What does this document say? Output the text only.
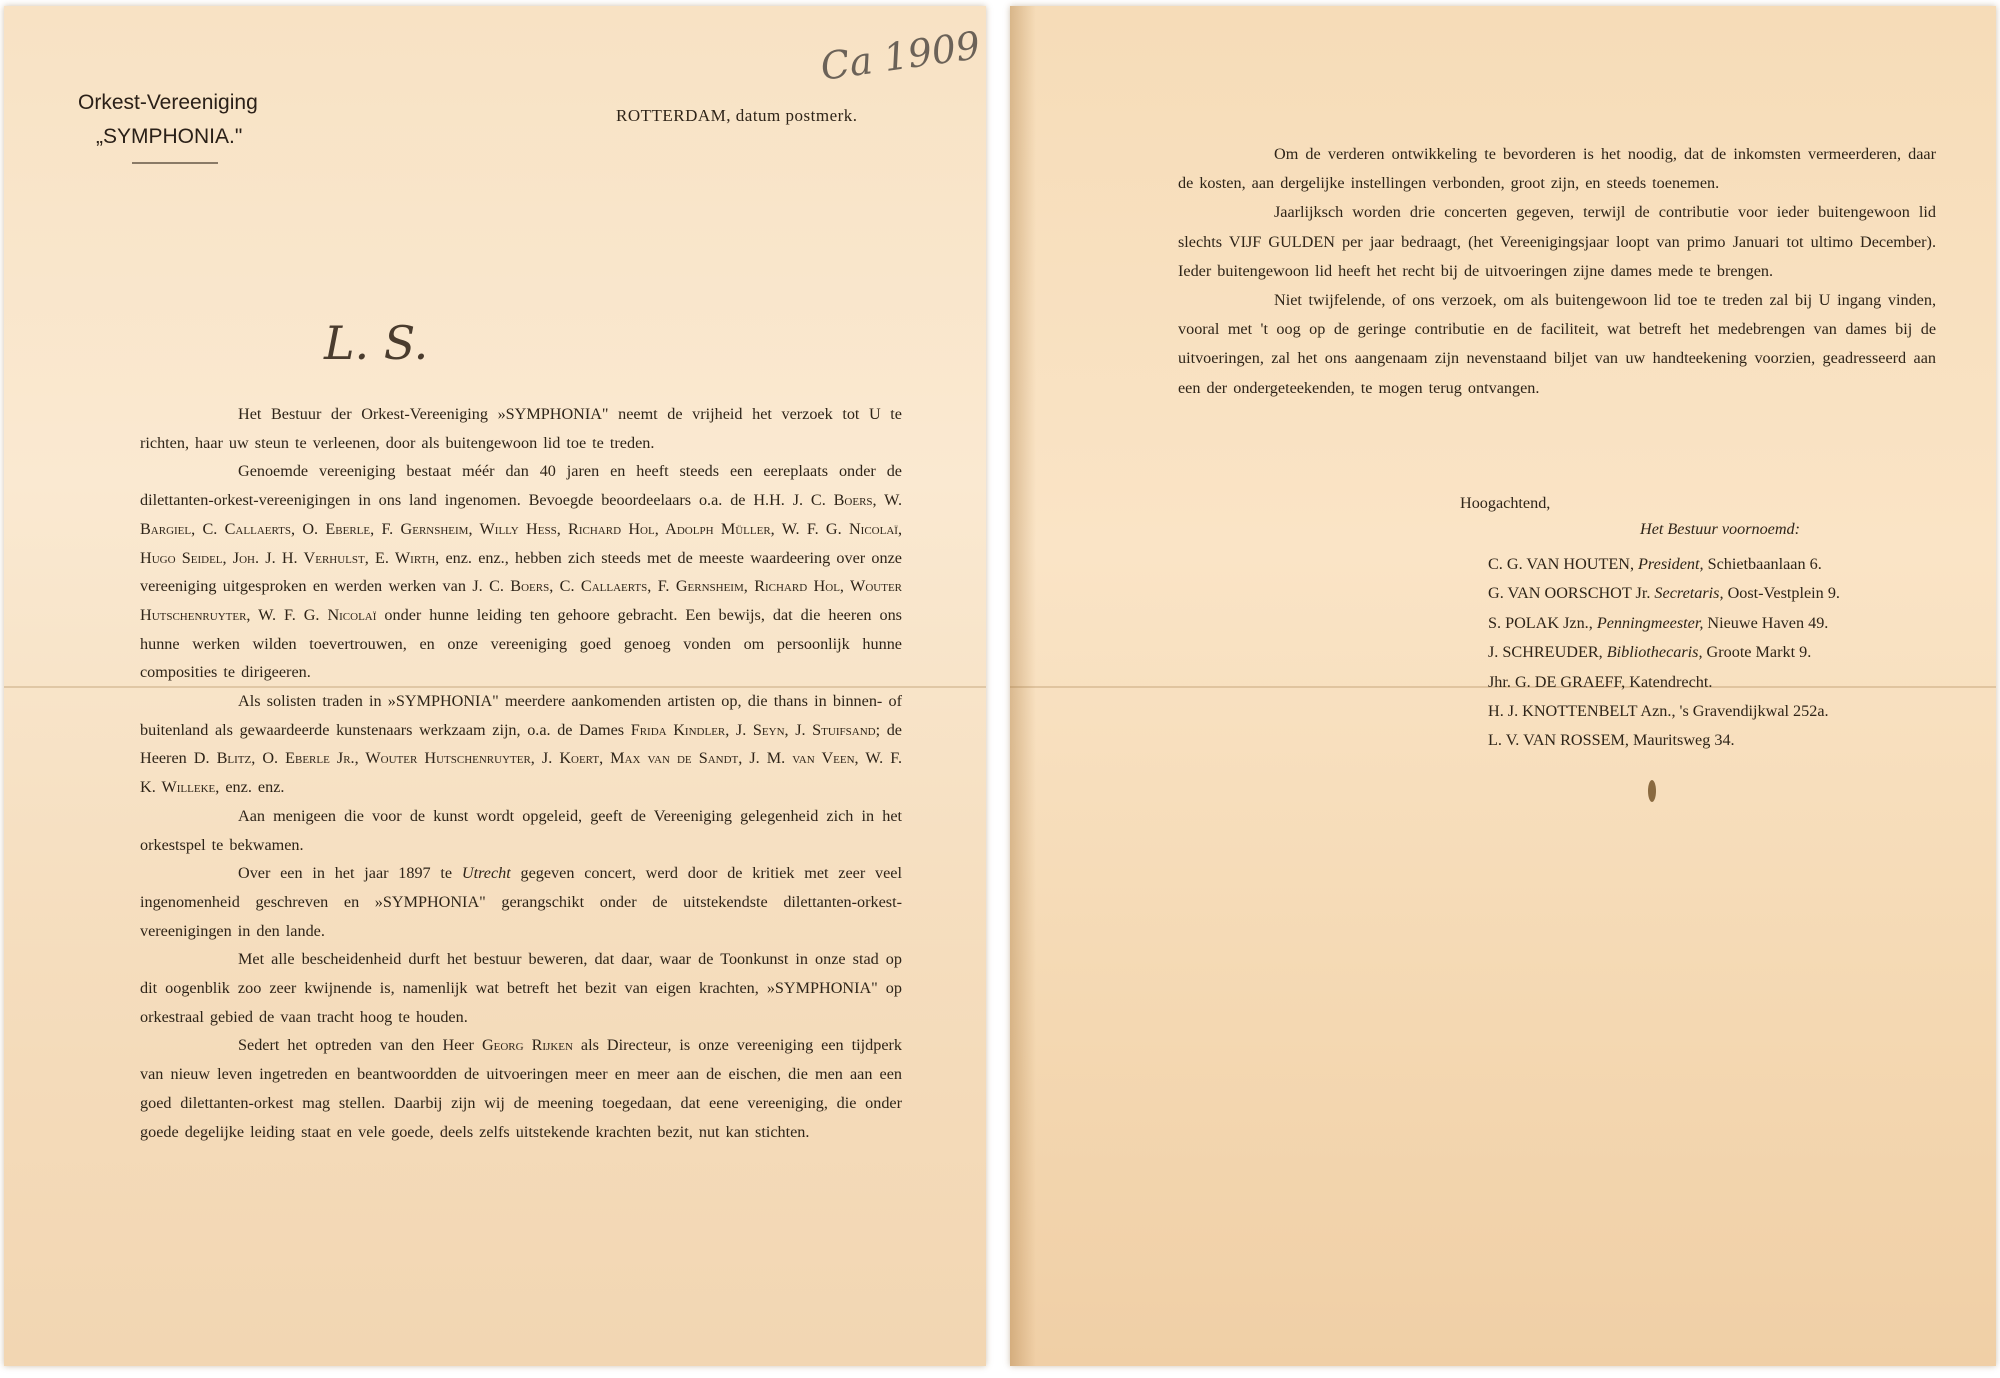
Orkest-Vereeniging
„SYMPHONIA."
ROTTERDAM, datum postmerk.
Ca 1909
L. S.

Het Bestuur der Orkest-Vereeniging »SYMPHONIA" neemt de vrijheid het verzoek tot U te richten, haar uw steun te verleenen, door als buitengewoon lid toe te treden.

Genoemde vereeniging bestaat méér dan 40 jaren en heeft steeds een eereplaats onder de dilettanten-orkest-vereenigingen in ons land ingenomen. Bevoegde beoordeelaars o.a. de H.H. J. C. Boers, W. Bargiel, C. Callaerts, O. Eberle, F. Gernsheim, Willy Hess, Richard Hol, Adolph Müller, W. F. G. Nicolaï, Hugo Seidel, Joh. J. H. Verhulst, E. Wirth, enz. enz., hebben zich steeds met de meeste waardeering over onze vereeniging uitgesproken en werden werken van J. C. Boers, C. Callaerts, F. Gernsheim, Richard Hol, Wouter Hutschenruyter, W. F. G. Nicolaï onder hunne leiding ten gehoore gebracht. Een bewijs, dat die heeren ons hunne werken wilden toevertrouwen, en onze vereeniging goed genoeg vonden om persoonlijk hunne composities te dirigeeren.

Als solisten traden in »SYMPHONIA" meerdere aankomenden artisten op, die thans in binnen- of buitenland als gewaardeerde kunstenaars werkzaam zijn, o.a. de Dames Frida Kindler, J. Seyn, J. Stuifsand; de Heeren D. Blitz, O. Eberle Jr., Wouter Hutschenruyter, J. Koert, Max van de Sandt, J. M. van Veen, W. F. K. Willeke, enz. enz.

Aan menigeen die voor de kunst wordt opgeleid, geeft de Vereeniging gelegenheid zich in het orkestspel te bekwamen.

Over een in het jaar 1897 te Utrecht gegeven concert, werd door de kritiek met zeer veel ingenomenheid geschreven en »SYMPHONIA" gerangschikt onder de uitstekendste dilettanten-orkest-vereenigingen in den lande.

Met alle bescheidenheid durft het bestuur beweren, dat daar, waar de Toonkunst in onze stad op dit oogenblik zoo zeer kwijnende is, namenlijk wat betreft het bezit van eigen krachten, »SYMPHONIA" op orkestraal gebied de vaan tracht hoog te houden.

Sedert het optreden van den Heer Georg Rijken als Directeur, is onze vereeniging een tijdperk van nieuw leven ingetreden en beantwoordden de uitvoeringen meer en meer aan de eischen, die men aan een goed dilettanten-orkest mag stellen. Daarbij zijn wij de meening toegedaan, dat eene vereeniging, die onder goede degelijke leiding staat en vele goede, deels zelfs uitstekende krachten bezit, nut kan stichten.

Om de verderen ontwikkeling te bevorderen is het noodig, dat de inkomsten vermeerderen, daar de kosten, aan dergelijke instellingen verbonden, groot zijn, en steeds toenemen.

Jaarlijksch worden drie concerten gegeven, terwijl de contributie voor ieder buitengewoon lid slechts VIJF GULDEN per jaar bedraagt, (het Vereenigingsjaar loopt van primo Januari tot ultimo December). Ieder buitengewoon lid heeft het recht bij de uitvoeringen zijne dames mede te brengen.

Niet twijfelende, of ons verzoek, om als buitengewoon lid toe te treden zal bij U ingang vinden, vooral met 't oog op de geringe contributie en de faciliteit, wat betreft het medebrengen van dames bij de uitvoeringen, zal het ons aangenaam zijn nevenstaand biljet van uw handteekening voorzien, geadresseerd aan een der ondergeteekenden, te mogen terug ontvangen.

Hoogachtend,
Het Bestuur voornoemd:
C. G. VAN HOUTEN, President, Schietbaanlaan 6.
G. VAN OORSCHOT Jr. Secretaris, Oost-Vestplein 9.
S. POLAK Jzn., Penningmeester, Nieuwe Haven 49.
J. SCHREUDER, Bibliothecaris, Groote Markt 9.
Jhr. G. DE GRAEFF, Katendrecht.
H. J. KNOTTENBELT Azn., 's Gravendijkwal 252a.
L. V. VAN ROSSEM, Mauritsweg 34.
